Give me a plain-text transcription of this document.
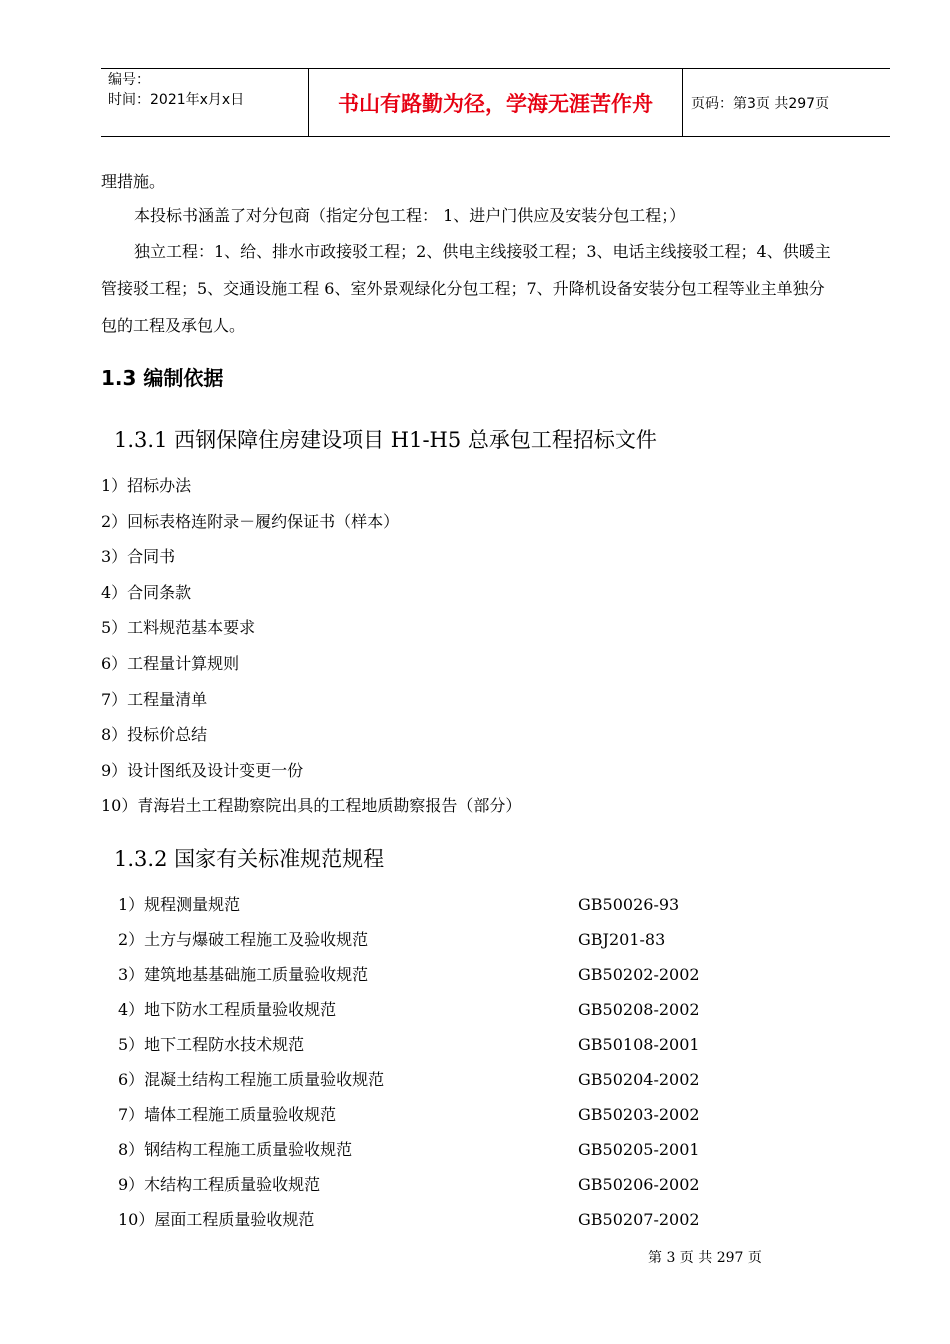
编号：
时间：2021年x月x日	书山有路勤为径，学海无涯苦作舟	页码：第3页 共297页
理措施。
本投标书涵盖了对分包商（指定分包工程： 1、进户门供应及安装分包工程；）
独立工程：1、给、排水市政接驳工程；2、供电主线接驳工程；3、电话主线接驳工程；4、供暖主
管接驳工程；5、交通设施工程 6、室外景观绿化分包工程；7、升降机设备安装分包工程等业主单独分
包的工程及承包人。
1.3 编制依据
1.3.1 西钢保障住房建设项目 H1-H5 总承包工程招标文件
1）招标办法
2）回标表格连附录－履约保证书（样本）
3）合同书
4）合同条款
5）工料规范基本要求
6）工程量计算规则
7）工程量清单
8）投标价总结
9）设计图纸及设计变更一份
10）青海岩土工程勘察院出具的工程地质勘察报告（部分）
1.3.2 国家有关标准规范规程
1）规程测量规范	GB50026-93
2）土方与爆破工程施工及验收规范	GBJ201-83
3）建筑地基基础施工质量验收规范	GB50202-2002
4）地下防水工程质量验收规范	GB50208-2002
5）地下工程防水技术规范	GB50108-2001
6）混凝土结构工程施工质量验收规范	GB50204-2002
7）墙体工程施工质量验收规范	GB50203-2002
8）钢结构工程施工质量验收规范	GB50205-2001
9）木结构工程质量验收规范	GB50206-2002
10）屋面工程质量验收规范	GB50207-2002
第 3 页 共 297 页
